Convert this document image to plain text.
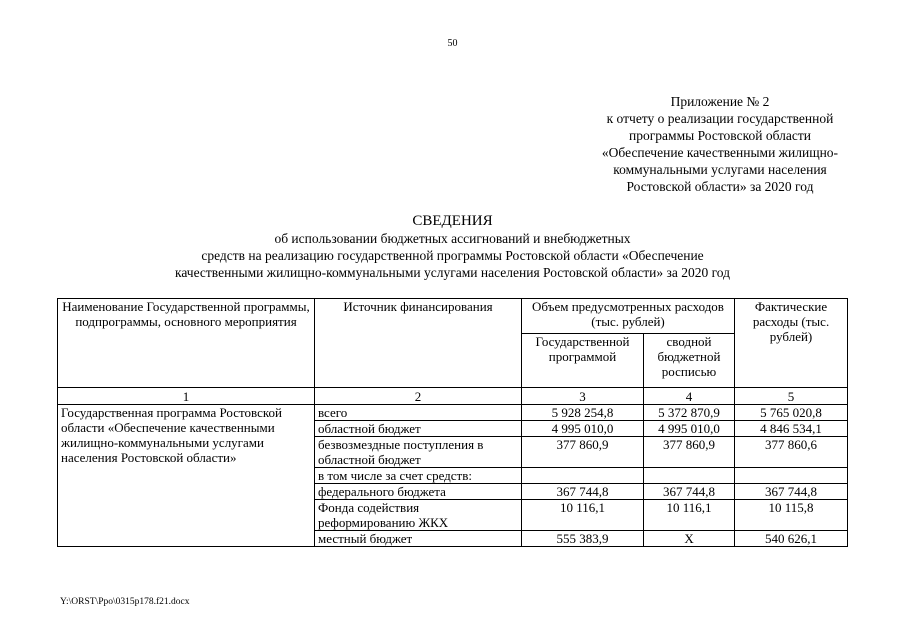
50
Приложение № 2
к отчету о реализации государственной
программы Ростовской области
«Обеспечение качественными жилищно-
коммунальными услугами населения
Ростовской области» за 2020 год
СВЕДЕНИЯ
об использовании бюджетных ассигнований и внебюджетных
средств на реализацию государственной программы Ростовской области «Обеспечение
качественными жилищно-коммунальными услугами населения Ростовской области» за 2020 год
Наименование Государственной программы, подпрограммы, основного мероприятия	Источник финансирования	Объем предусмотренных расходов (тыс. рублей)		Фактические расходы (тыс. рублей)
		Государственной программой	сводной бюджетной росписью	
1	2	3	4	5
Государственная программа Ростовской области «Обеспечение качественными жилищно-коммунальными услугами населения Ростовской области»	всего	5 928 254,8	5 372 870,9	5 765 020,8
	областной бюджет	4 995 010,0	4 995 010,0	4 846 534,1
	безвозмездные поступления в областной бюджет	377 860,9	377 860,9	377 860,6
	в том числе за счет средств:			
	федерального бюджета	367 744,8	367 744,8	367 744,8
	Фонда содействия реформированию ЖКХ	10 116,1	10 116,1	10 115,8
	местный бюджет	555 383,9	Х	540 626,1
Y:\ORST\Ppo\0315p178.f21.docx
